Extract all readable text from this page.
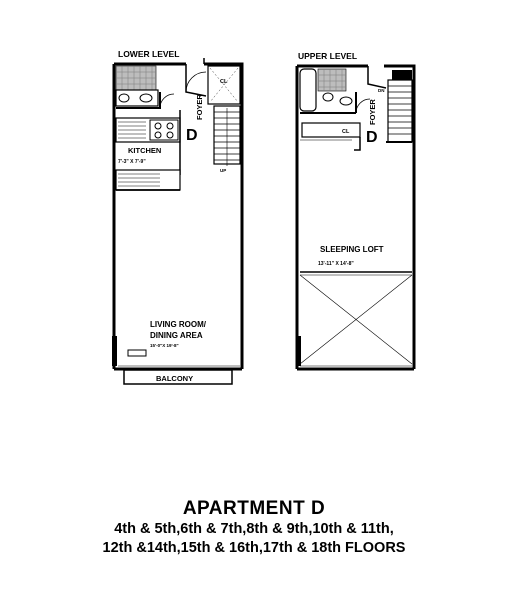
LOWER LEVEL
KITCHEN
7'-3" X 7'-9"
FOYER
D
CL
UP
LIVING ROOM/
DINING AREA
15'-0"X 19'-8"
BALCONY
UPPER LEVEL
CL
FOYER
D
DN
SLEEPING LOFT
13'-11" X 14'-8"
APARTMENT D
4th & 5th,6th & 7th,8th & 9th,10th & 11th,
12th &14th,15th & 16th,17th & 18th FLOORS
